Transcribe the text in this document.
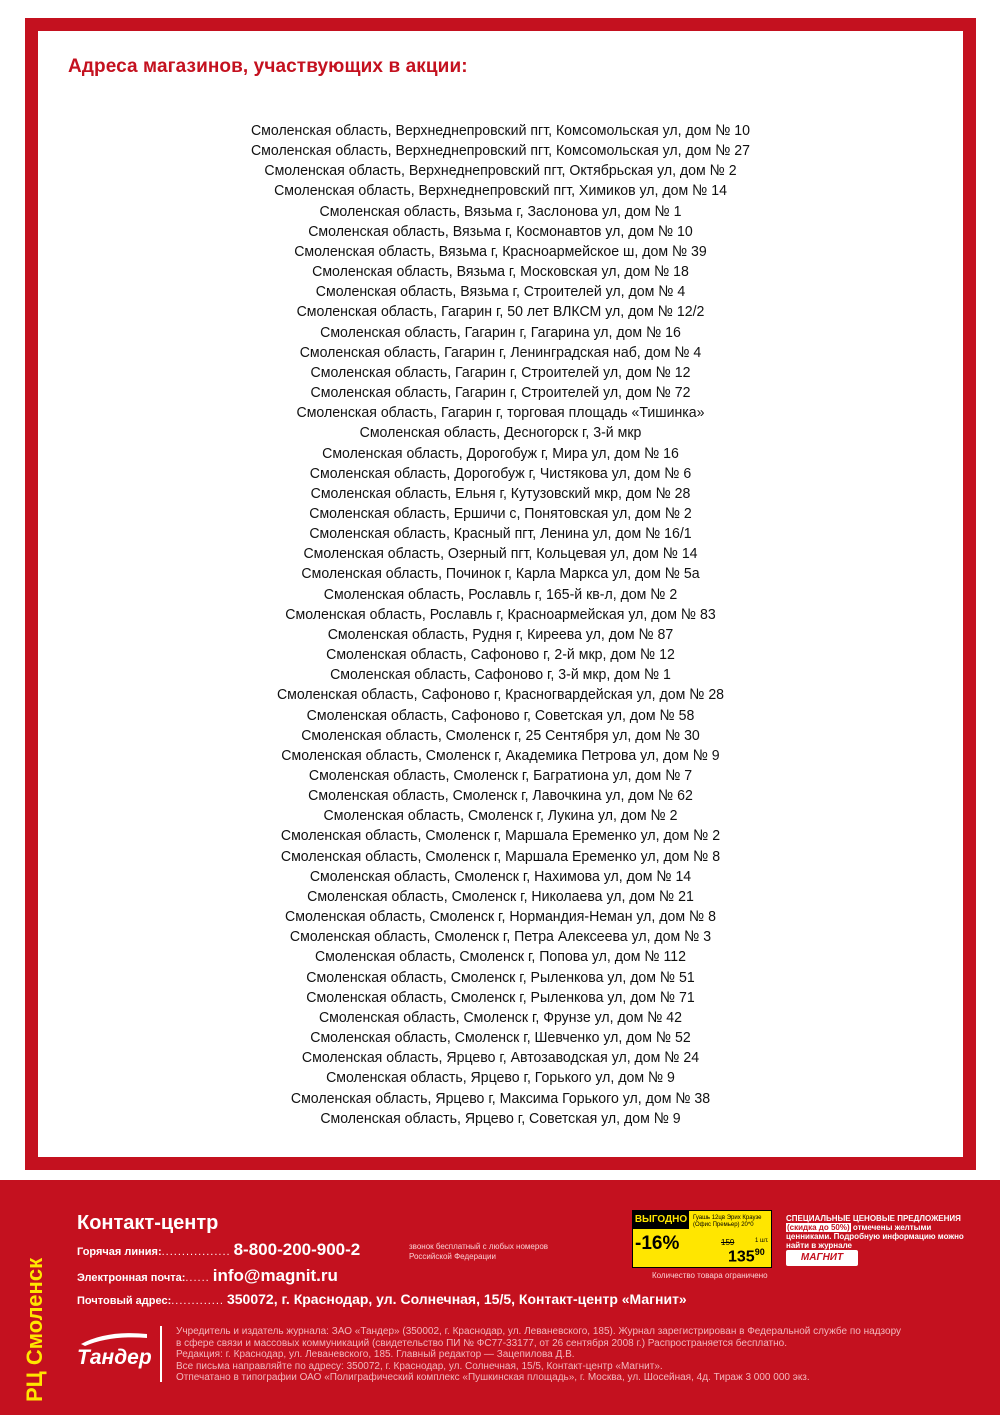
Адреса магазинов, участвующих в акции:
Смоленская область, Верхнеднепровский пгт, Комсомольская ул, дом № 10
Смоленская область, Верхнеднепровский пгт, Комсомольская ул, дом № 27
Смоленская область, Верхнеднепровский пгт, Октябрьская ул, дом № 2
Смоленская область, Верхнеднепровский пгт, Химиков ул, дом № 14
Смоленская область, Вязьма г, Заслонова ул, дом № 1
Смоленская область, Вязьма г, Космонавтов ул, дом № 10
Смоленская область, Вязьма г, Красноармейское ш, дом № 39
Смоленская область, Вязьма г, Московская ул, дом № 18
Смоленская область, Вязьма г, Строителей ул, дом № 4
Смоленская область, Гагарин г, 50 лет ВЛКСМ ул, дом № 12/2
Смоленская область, Гагарин г, Гагарина ул, дом № 16
Смоленская область, Гагарин г, Ленинградская наб, дом № 4
Смоленская область, Гагарин г, Строителей ул, дом № 12
Смоленская область, Гагарин г, Строителей ул, дом № 72
Смоленская область, Гагарин г, торговая площадь «Тишинка»
Смоленская область, Десногорск г, 3-й мкр
Смоленская область, Дорогобуж г, Мира ул, дом № 16
Смоленская область, Дорогобуж г, Чистякова ул, дом № 6
Смоленская область, Ельня г, Кутузовский мкр, дом № 28
Смоленская область, Ершичи с, Понятовская ул, дом № 2
Смоленская область, Красный пгт, Ленина ул, дом № 16/1
Смоленская область, Озерный пгт, Кольцевая ул, дом № 14
Смоленская область, Починок г, Карла Маркса ул, дом № 5а
Смоленская область, Рославль г, 165-й кв-л, дом № 2
Смоленская область, Рославль г, Красноармейская ул, дом № 83
Смоленская область, Рудня г, Киреева ул, дом № 87
Смоленская область, Сафоново г, 2-й мкр, дом № 12
Смоленская область, Сафоново г, 3-й мкр, дом № 1
Смоленская область, Сафоново г, Красногвардейская ул, дом № 28
Смоленская область, Сафоново г, Советская ул, дом № 58
Смоленская область, Смоленск г, 25 Сентября ул, дом № 30
Смоленская область, Смоленск г, Академика Петрова ул, дом № 9
Смоленская область, Смоленск г, Багратиона ул, дом № 7
Смоленская область, Смоленск г, Лавочкина ул, дом № 62
Смоленская область, Смоленск г, Лукина ул, дом № 2
Смоленская область, Смоленск г, Маршала Еременко ул, дом № 2
Смоленская область, Смоленск г, Маршала Еременко ул, дом № 8
Смоленская область, Смоленск г, Нахимова ул, дом № 14
Смоленская область, Смоленск г, Николаева ул, дом № 21
Смоленская область, Смоленск г, Нормандия-Неман ул, дом № 8
Смоленская область, Смоленск г, Петра Алексеева ул, дом № 3
Смоленская область, Смоленск г, Попова ул, дом № 112
Смоленская область, Смоленск г, Рыленкова ул, дом № 51
Смоленская область, Смоленск г, Рыленкова ул, дом № 71
Смоленская область, Смоленск г, Фрунзе ул, дом № 42
Смоленская область, Смоленск г, Шевченко ул, дом № 52
Смоленская область, Ярцево г, Автозаводская ул, дом № 24
Смоленская область, Ярцево г, Горького ул, дом № 9
Смоленская область, Ярцево г, Максима Горького ул, дом № 38
Смоленская область, Ярцево г, Советская ул, дом № 9
РЦ Смоленск
Контакт-центр
Горячая линия:................. 8-800-200-900-2	звонок бесплатный с любых номеров Российской Федерации
Электронная почта:...... info@magnit.ru
Почтовый адрес:............. 350072, г. Краснодар, ул. Солнечная, 15/5, Контакт-центр «Магнит»
ВЫГОДНО
-16%
Гуашь 12цв Эрих Краузе (Офис Премьер) 20*0
159	1 шт.
$135^{90}$
Количество товара ограничено
СПЕЦИАЛЬНЫЕ ЦЕНОВЫЕ ПРЕДЛОЖЕНИЯ (скидка до 50%) отмечены желтыми ценниками. Подробную информацию можно найти в журнале
МАГНИТ
Тандер

Учредитель и издатель журнала: ЗАО «Тандер» (350002, г. Краснодар, ул. Леваневского, 185). Журнал зарегистрирован в Федеральной службе по надзору

в сфере связи и массовых коммуникаций (свидетельство ПИ № ФС77-33177, от 26 сентября 2008 г.) Распространяется бесплатно.

Редакция: г. Краснодар, ул. Леваневского, 185. Главный редактор — Зацепилова Д.В.

Все письма направляйте по адресу: 350072, г. Краснодар, ул. Солнечная, 15/5, Контакт-центр «Магнит».

Отпечатано в типографии ОАО «Полиграфический комплекс «Пушкинская площадь», г. Москва, ул. Шосейная, 4д. Тираж 3 000 000 экз.
